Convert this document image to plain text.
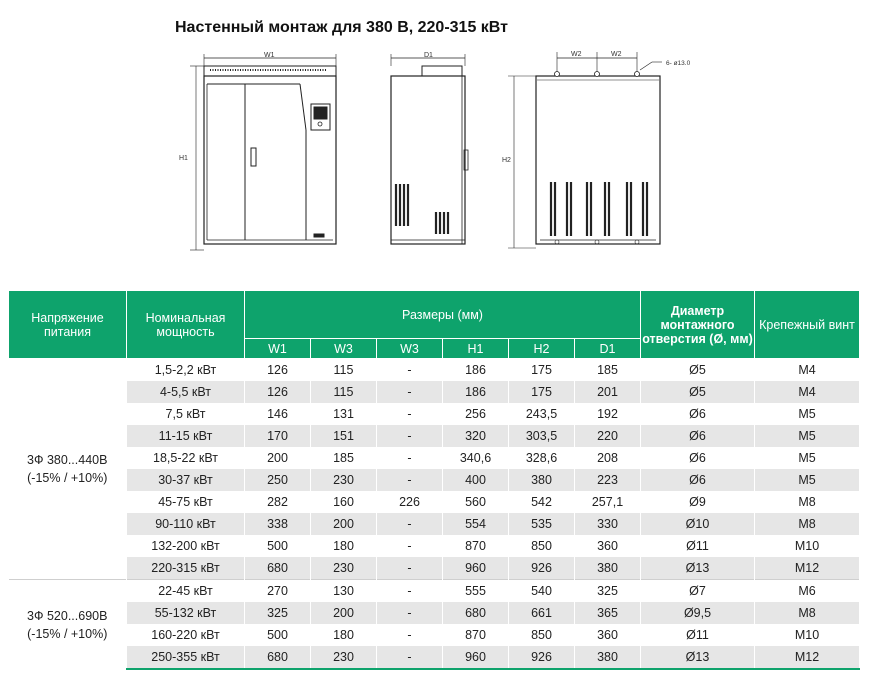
Настенный монтаж для 380 В, 220-315 кВт
W1
H1
D1	W2	W2
6- ø13.0
H2
Напряжение питания	Номинальная мощность	Размеры (мм)						Диаметр монтажного отверстия (Ø, мм)	Крепежный винт
		W1	W3	W3	H1	H2	D1		

3Ф 380...440В
(-15% / +10%)	1,5-2,2 кВт	126	115	-	186	175	185	Ø5	M4
	4-5,5 кВт	126	115	-	186	175	201	Ø5	M4
	7,5 кВт	146	131	-	256	243,5	192	Ø6	M5
	11-15 кВт	170	151	-	320	303,5	220	Ø6	M5
	18,5-22 кВт	200	185	-	340,6	328,6	208	Ø6	M5
	30-37 кВт	250	230	-	400	380	223	Ø6	M5
	45-75 кВт	282	160	226	560	542	257,1	Ø9	M8
	90-110 кВт	338	200	-	554	535	330	Ø10	M8
	132-200 кВт	500	180	-	870	850	360	Ø11	M10
	220-315 кВт	680	230	-	960	926	380	Ø13	M12

3Ф 520...690В
(-15% / +10%)	22-45 кВт	270	130	-	555	540	325	Ø7	M6
	55-132 кВт	325	200	-	680	661	365	Ø9,5	M8
	160-220 кВт	500	180	-	870	850	360	Ø11	M10
	250-355 кВт	680	230	-	960	926	380	Ø13	M12
